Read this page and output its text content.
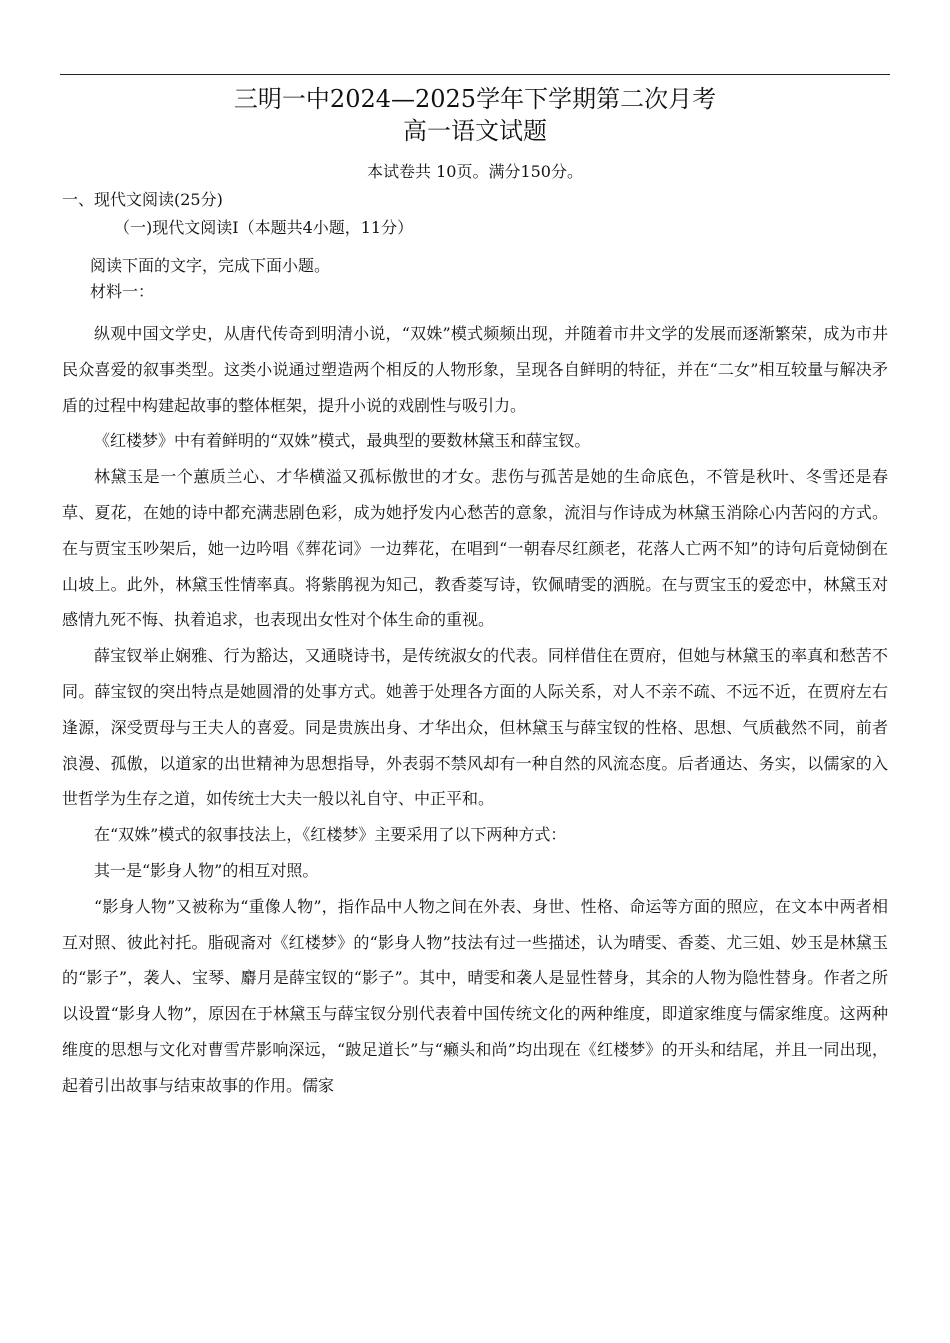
三明一中2024—2025学年下学期第二次月考
高一语文试题
本试卷共 10页。满分150分。
一、现代文阅读(25分)
（一)现代文阅读Ⅰ（本题共4小题，11分）
阅读下面的文字，完成下面小题。
材料一：

纵观中国文学史，从唐代传奇到明清小说，“双姝”模式频频出现，并随着市井文学的发展而逐渐繁荣，成为市井民众喜爱的叙事类型。这类小说通过塑造两个相反的人物形象，呈现各自鲜明的特征，并在“二女”相互较量与解决矛盾的过程中构建起故事的整体框架，提升小说的戏剧性与吸引力。

《红楼梦》中有着鲜明的“双姝”模式，最典型的要数林黛玉和薛宝钗。

林黛玉是一个蕙质兰心、才华横溢又孤标傲世的才女。悲伤与孤苦是她的生命底色，不管是秋叶、冬雪还是春草、夏花，在她的诗中都充满悲剧色彩，成为她抒发内心愁苦的意象，流泪与作诗成为林黛玉消除心内苦闷的方式。在与贾宝玉吵架后，她一边吟唱《葬花词》一边葬花，在唱到“一朝春尽红颜老，花落人亡两不知”的诗句后竟恸倒在山坡上。此外，林黛玉性情率真。将紫鹃视为知己，教香菱写诗，钦佩晴雯的洒脱。在与贾宝玉的爱恋中，林黛玉对感情九死不悔、执着追求，也表现出女性对个体生命的重视。

薛宝钗举止娴雅、行为豁达，又通晓诗书，是传统淑女的代表。同样借住在贾府，但她与林黛玉的率真和愁苦不同。薛宝钗的突出特点是她圆滑的处事方式。她善于处理各方面的人际关系，对人不亲不疏、不远不近，在贾府左右逢源，深受贾母与王夫人的喜爱。同是贵族出身、才华出众，但林黛玉与薛宝钗的性格、思想、气质截然不同，前者浪漫、孤傲，以道家的出世精神为思想指导，外表弱不禁风却有一种自然的风流态度。后者通达、务实，以儒家的入世哲学为生存之道，如传统士大夫一般以礼自守、中正平和。

在“双姝”模式的叙事技法上，《红楼梦》主要采用了以下两种方式：

其一是“影身人物”的相互对照。

“影身人物”又被称为“重像人物”，指作品中人物之间在外表、身世、性格、命运等方面的照应，在文本中两者相互对照、彼此衬托。脂砚斋对《红楼梦》的“影身人物”技法有过一些描述，认为晴雯、香菱、尤三姐、妙玉是林黛玉的“影子”，袭人、宝琴、麝月是薛宝钗的“影子”。其中，晴雯和袭人是显性替身，其余的人物为隐性替身。作者之所以设置“影身人物”，原因在于林黛玉与薛宝钗分别代表着中国传统文化的两种维度，即道家维度与儒家维度。这两种维度的思想与文化对曹雪芹影响深远，“跛足道长”与“癞头和尚”均出现在《红楼梦》的开头和结尾，并且一同出现，起着引出故事与结束故事的作用。儒家
